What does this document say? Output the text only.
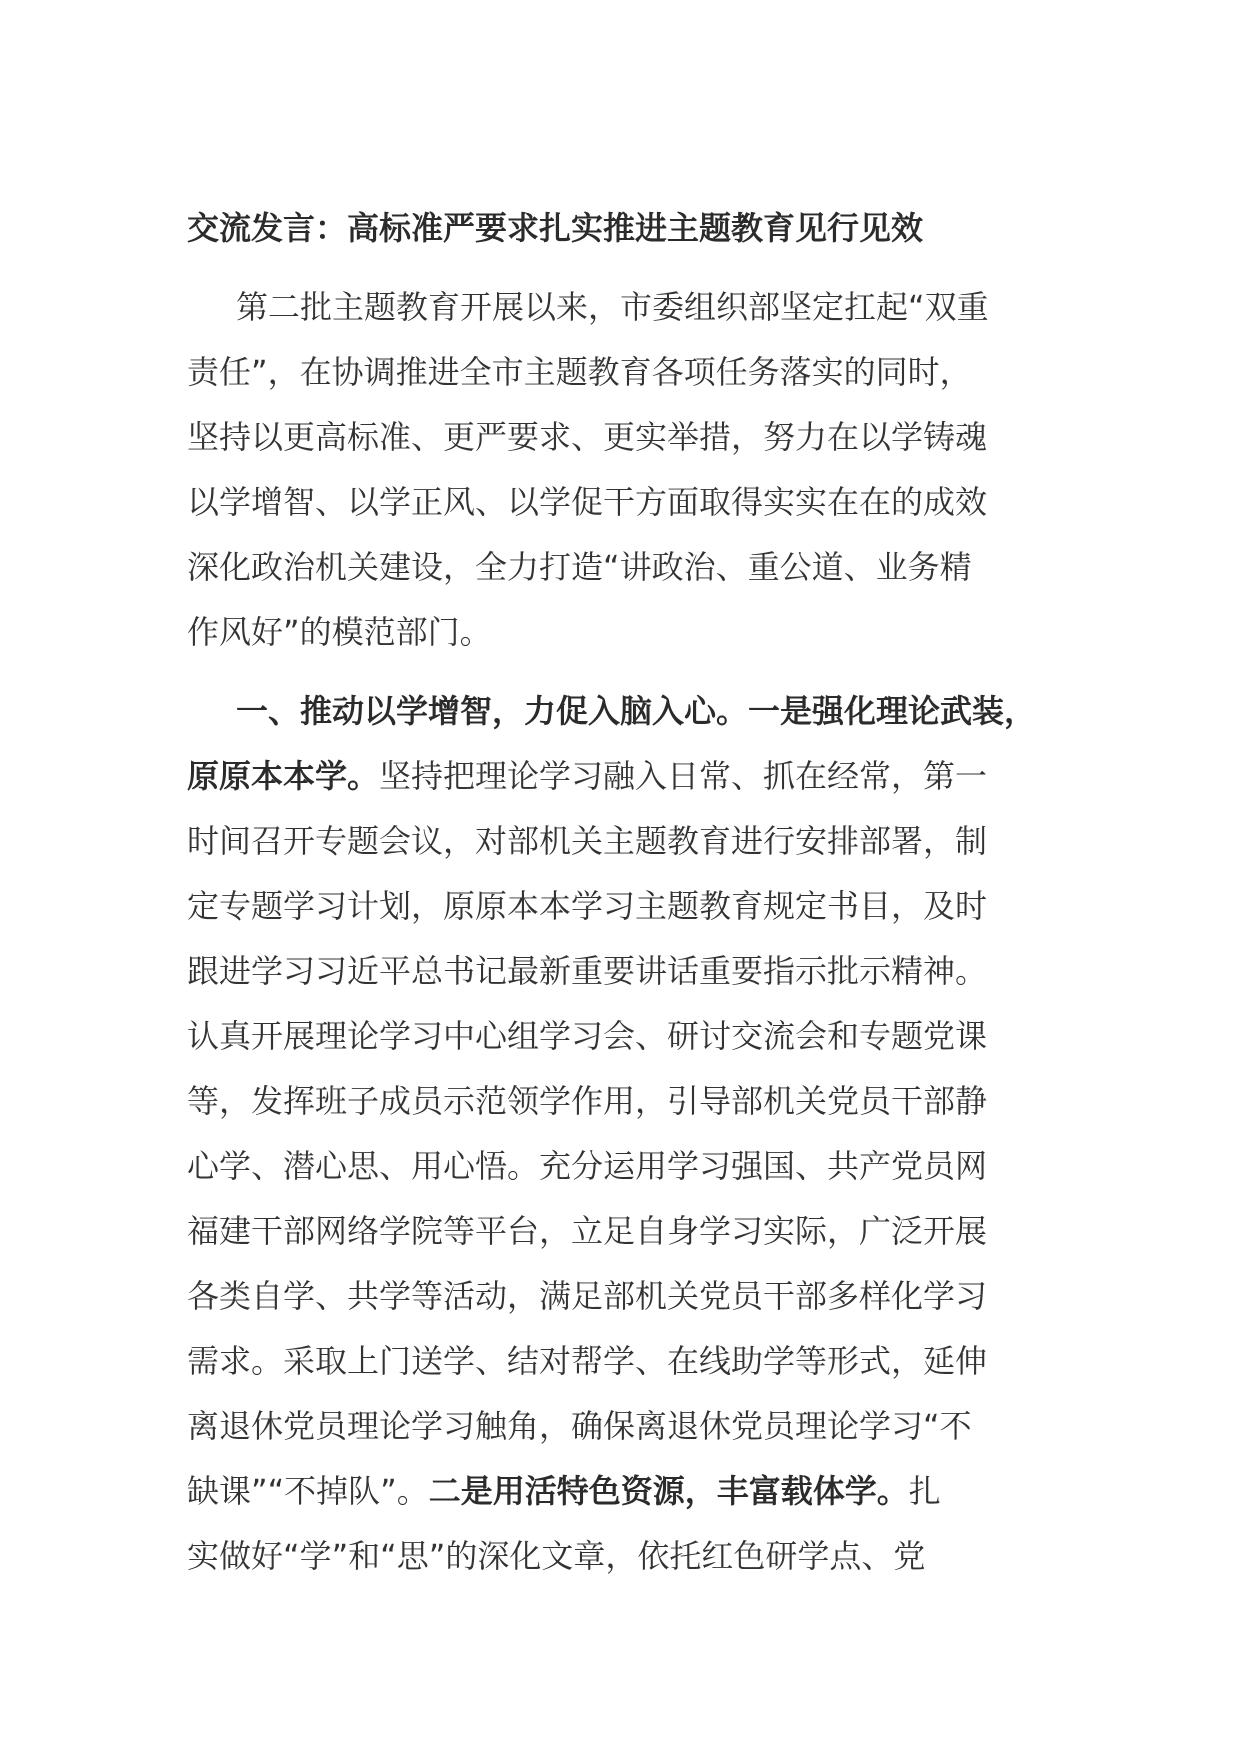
交流发言：高标准严要求扎实推进主题教育见行见效
第二批主题教育开展以来，市委组织部坚定扛起“双重
责任”，在协调推进全市主题教育各项任务落实的同时，
坚持以更高标准、更严要求、更实举措，努力在以学铸魂
以学增智、以学正风、以学促干方面取得实实在在的成效
深化政治机关建设，全力打造“讲政治、重公道、业务精
作风好”的模范部门。
一、推动以学增智，力促入脑入心。一是强化理论武装，
原原本本学。坚持把理论学习融入日常、抓在经常，第一
时间召开专题会议，对部机关主题教育进行安排部署，制
定专题学习计划，原原本本学习主题教育规定书目，及时
跟进学习习近平总书记最新重要讲话重要指示批示精神。
认真开展理论学习中心组学习会、研讨交流会和专题党课
等，发挥班子成员示范领学作用，引导部机关党员干部静
心学、潜心思、用心悟。充分运用学习强国、共产党员网
福建干部网络学院等平台，立足自身学习实际，广泛开展
各类自学、共学等活动，满足部机关党员干部多样化学习
需求。采取上门送学、结对帮学、在线助学等形式，延伸
离退休党员理论学习触角，确保离退休党员理论学习“不
缺课”“不掉队”。二是用活特色资源，丰富载体学。扎
实做好“学”和“思”的深化文章，依托红色研学点、党
